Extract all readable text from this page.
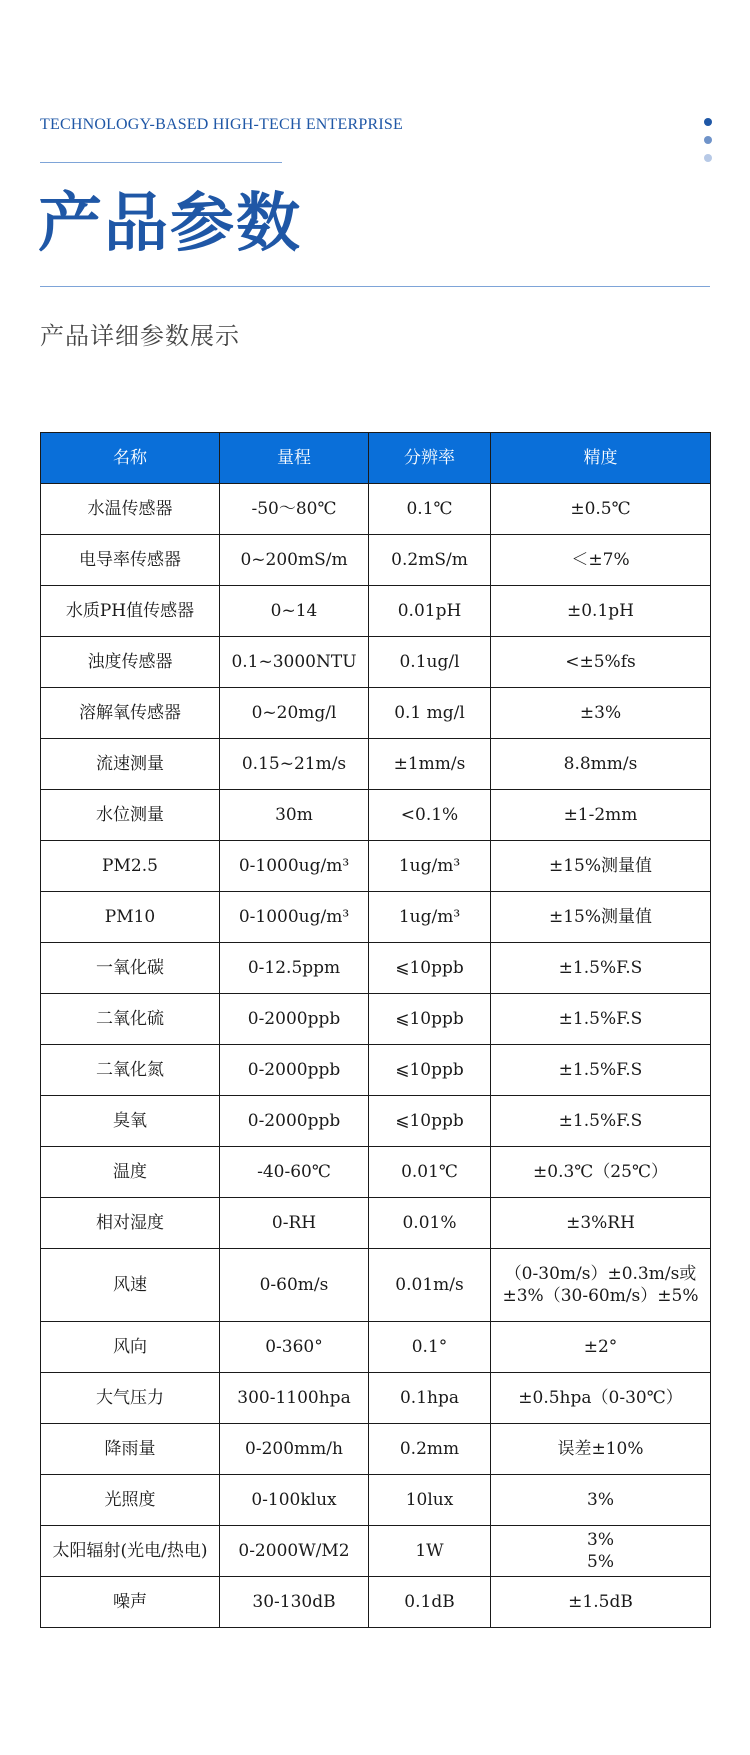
TECHNOLOGY-BASED HIGH-TECH ENTERPRISE
产品参数
产品详细参数展示
名称	量程	分辨率	精度
水温传感器	-50～80℃	0.1℃	±0.5℃
电导率传感器	0~200mS/m	0.2mS/m	＜±7%
水质PH值传感器	0~14	0.01pH	±0.1pH
浊度传感器	0.1~3000NTU	0.1ug/l	<±5%fs
溶解氧传感器	0~20mg/l	0.1 mg/l	±3%
流速测量	0.15~21m/s	±1mm/s	8.8mm/s
水位测量	30m	<0.1%	±1-2mm
PM2.5	0-1000ug/m³	1ug/m³	±15%测量值
PM10	0-1000ug/m³	1ug/m³	±15%测量值
一氧化碳	0-12.5ppm	⩽10ppb	±1.5%F.S
二氧化硫	0-2000ppb	⩽10ppb	±1.5%F.S
二氧化氮	0-2000ppb	⩽10ppb	±1.5%F.S
臭氧	0-2000ppb	⩽10ppb	±1.5%F.S
温度	-40-60℃	0.01℃	±0.3℃（25℃）
相对湿度	0-RH	0.01%	±3%RH
风速	0-60m/s	0.01m/s	（0-30m/s）±0.3m/s或
±3%（30-60m/s）±5%
风向	0-360°	0.1°	±2°
大气压力	300-1100hpa	0.1hpa	±0.5hpa（0-30℃）
降雨量	0-200mm/h	0.2mm	误差±10%
光照度	0-100klux	10lux	3%
太阳辐射(光电/热电)	0-2000W/M2	1W	3%
5%
噪声	30-130dB	0.1dB	±1.5dB
